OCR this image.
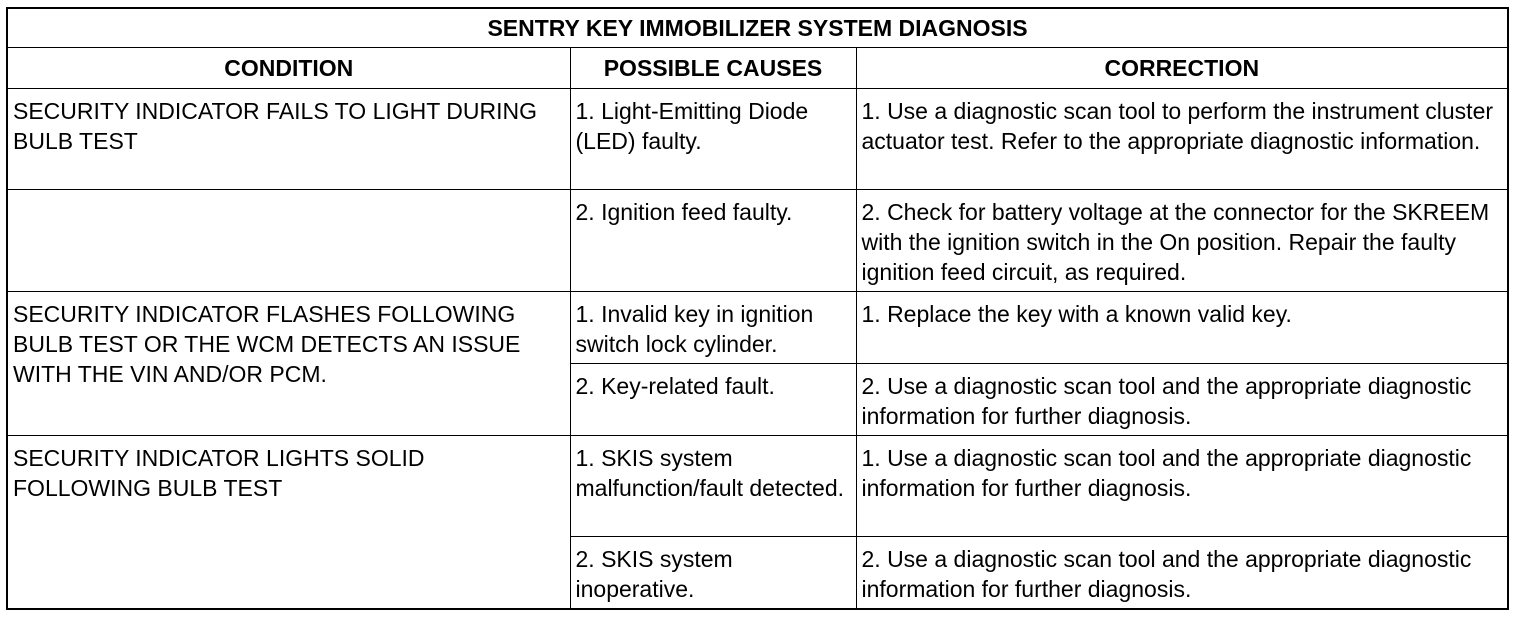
SENTRY KEY IMMOBILIZER SYSTEM DIAGNOSIS		
CONDITION	POSSIBLE CAUSES	CORRECTION

SECURITY INDICATOR FAILS TO LIGHT DURING BULB TEST	1. Light-Emitting Diode (LED) faulty.	1. Use a diagnostic scan tool to perform the instrument cluster actuator test. Refer to the appropriate diagnostic information.

	2. Ignition feed faulty.	2. Check for battery voltage at the connector for the SKREEM with the ignition switch in the On position. Repair the faulty ignition feed circuit, as required.

SECURITY INDICATOR FLASHES FOLLOWING BULB TEST OR THE WCM DETECTS AN ISSUE WITH THE VIN AND/OR PCM.	1. Invalid key in ignition switch lock cylinder.	1. Replace the key with a known valid key.

	2. Key-related fault.	2. Use a diagnostic scan tool and the appropriate diagnostic information for further diagnosis.

SECURITY INDICATOR LIGHTS SOLID FOLLOWING BULB TEST	1. SKIS system malfunction/fault detected.	1. Use a diagnostic scan tool and the appropriate diagnostic information for further diagnosis.

	2. SKIS system inoperative.	2. Use a diagnostic scan tool and the appropriate diagnostic information for further diagnosis.
